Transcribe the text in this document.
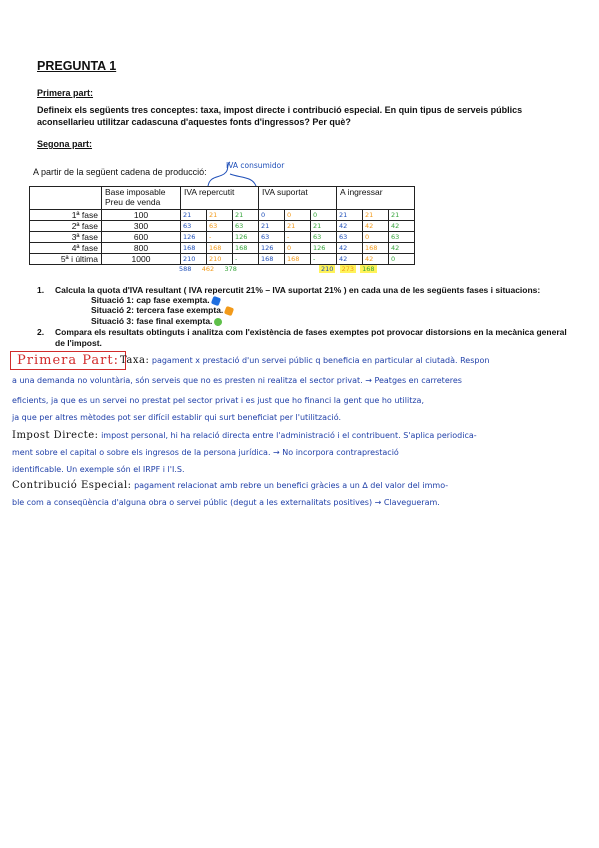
PREGUNTA 1
Primera part:
Defineix els següents tres conceptes: taxa, impost directe i contribució especial. En quin tipus de serveis públics aconsellarieu utilitzar cadascuna d'aquestes fonts d'ingressos? Per què?
Segona part:
A partir de la següent cadena de producció:
IVA consumidor
	Base imposable
Preu de venda	IVA repercutit			IVA suportat			A ingressar		
1ª fase	100	21	21	21	0	0	0	21	21	21
2ª fase	300	63	63	63	21	21	21	42	42	42
3ª fase	600	126	-	126	63	-	63	63	0	63
4ª fase	800	168	168	168	126	0	126	42	168	42
5ª i última	1000	210	210	-	168	168	-	42	42	0
588 462 378	210 273 168
1. Calcula la quota d'IVA resultant ( IVA repercutit 21% – IVA suportat 21% ) en cada una de les següents fases i situacions:
Situació 1: cap fase exempta.
Situació 2: tercera fase exempta.
Situació 3: fase final exempta.
2. Compara els resultats obtinguts i analitza com l'existència de fases exemptes pot provocar distorsions en la mecànica general de l'impost.
Primera Part: Taxa: pagament x prestació d'un servei públic q beneficia en particular al ciutadà. Respon
a una demanda no voluntària, són serveis que no es presten ni realitza el sector privat. → Peatges en carreteres
eficients, ja que es un servei no prestat pel sector privat i es just que ho financi la gent que ho utilitza,
ja que per altres mètodes pot ser difícil establir qui surt beneficiat per l'utilització.
Impost Directe: impost personal, hi ha relació directa entre l'administració i el contribuent. S'aplica periodica-
ment sobre el capital o sobre els ingresos de la persona jurídica. → No incorpora contraprestació
identificable. Un exemple són el IRPF i l'I.S.
Contribució Especial: pagament relacionat amb rebre un benefici gràcies a un ∆ del valor del immo-
ble com a conseqüència d'alguna obra o servei públic (degut a les externalitats positives) → Clavegueram.
